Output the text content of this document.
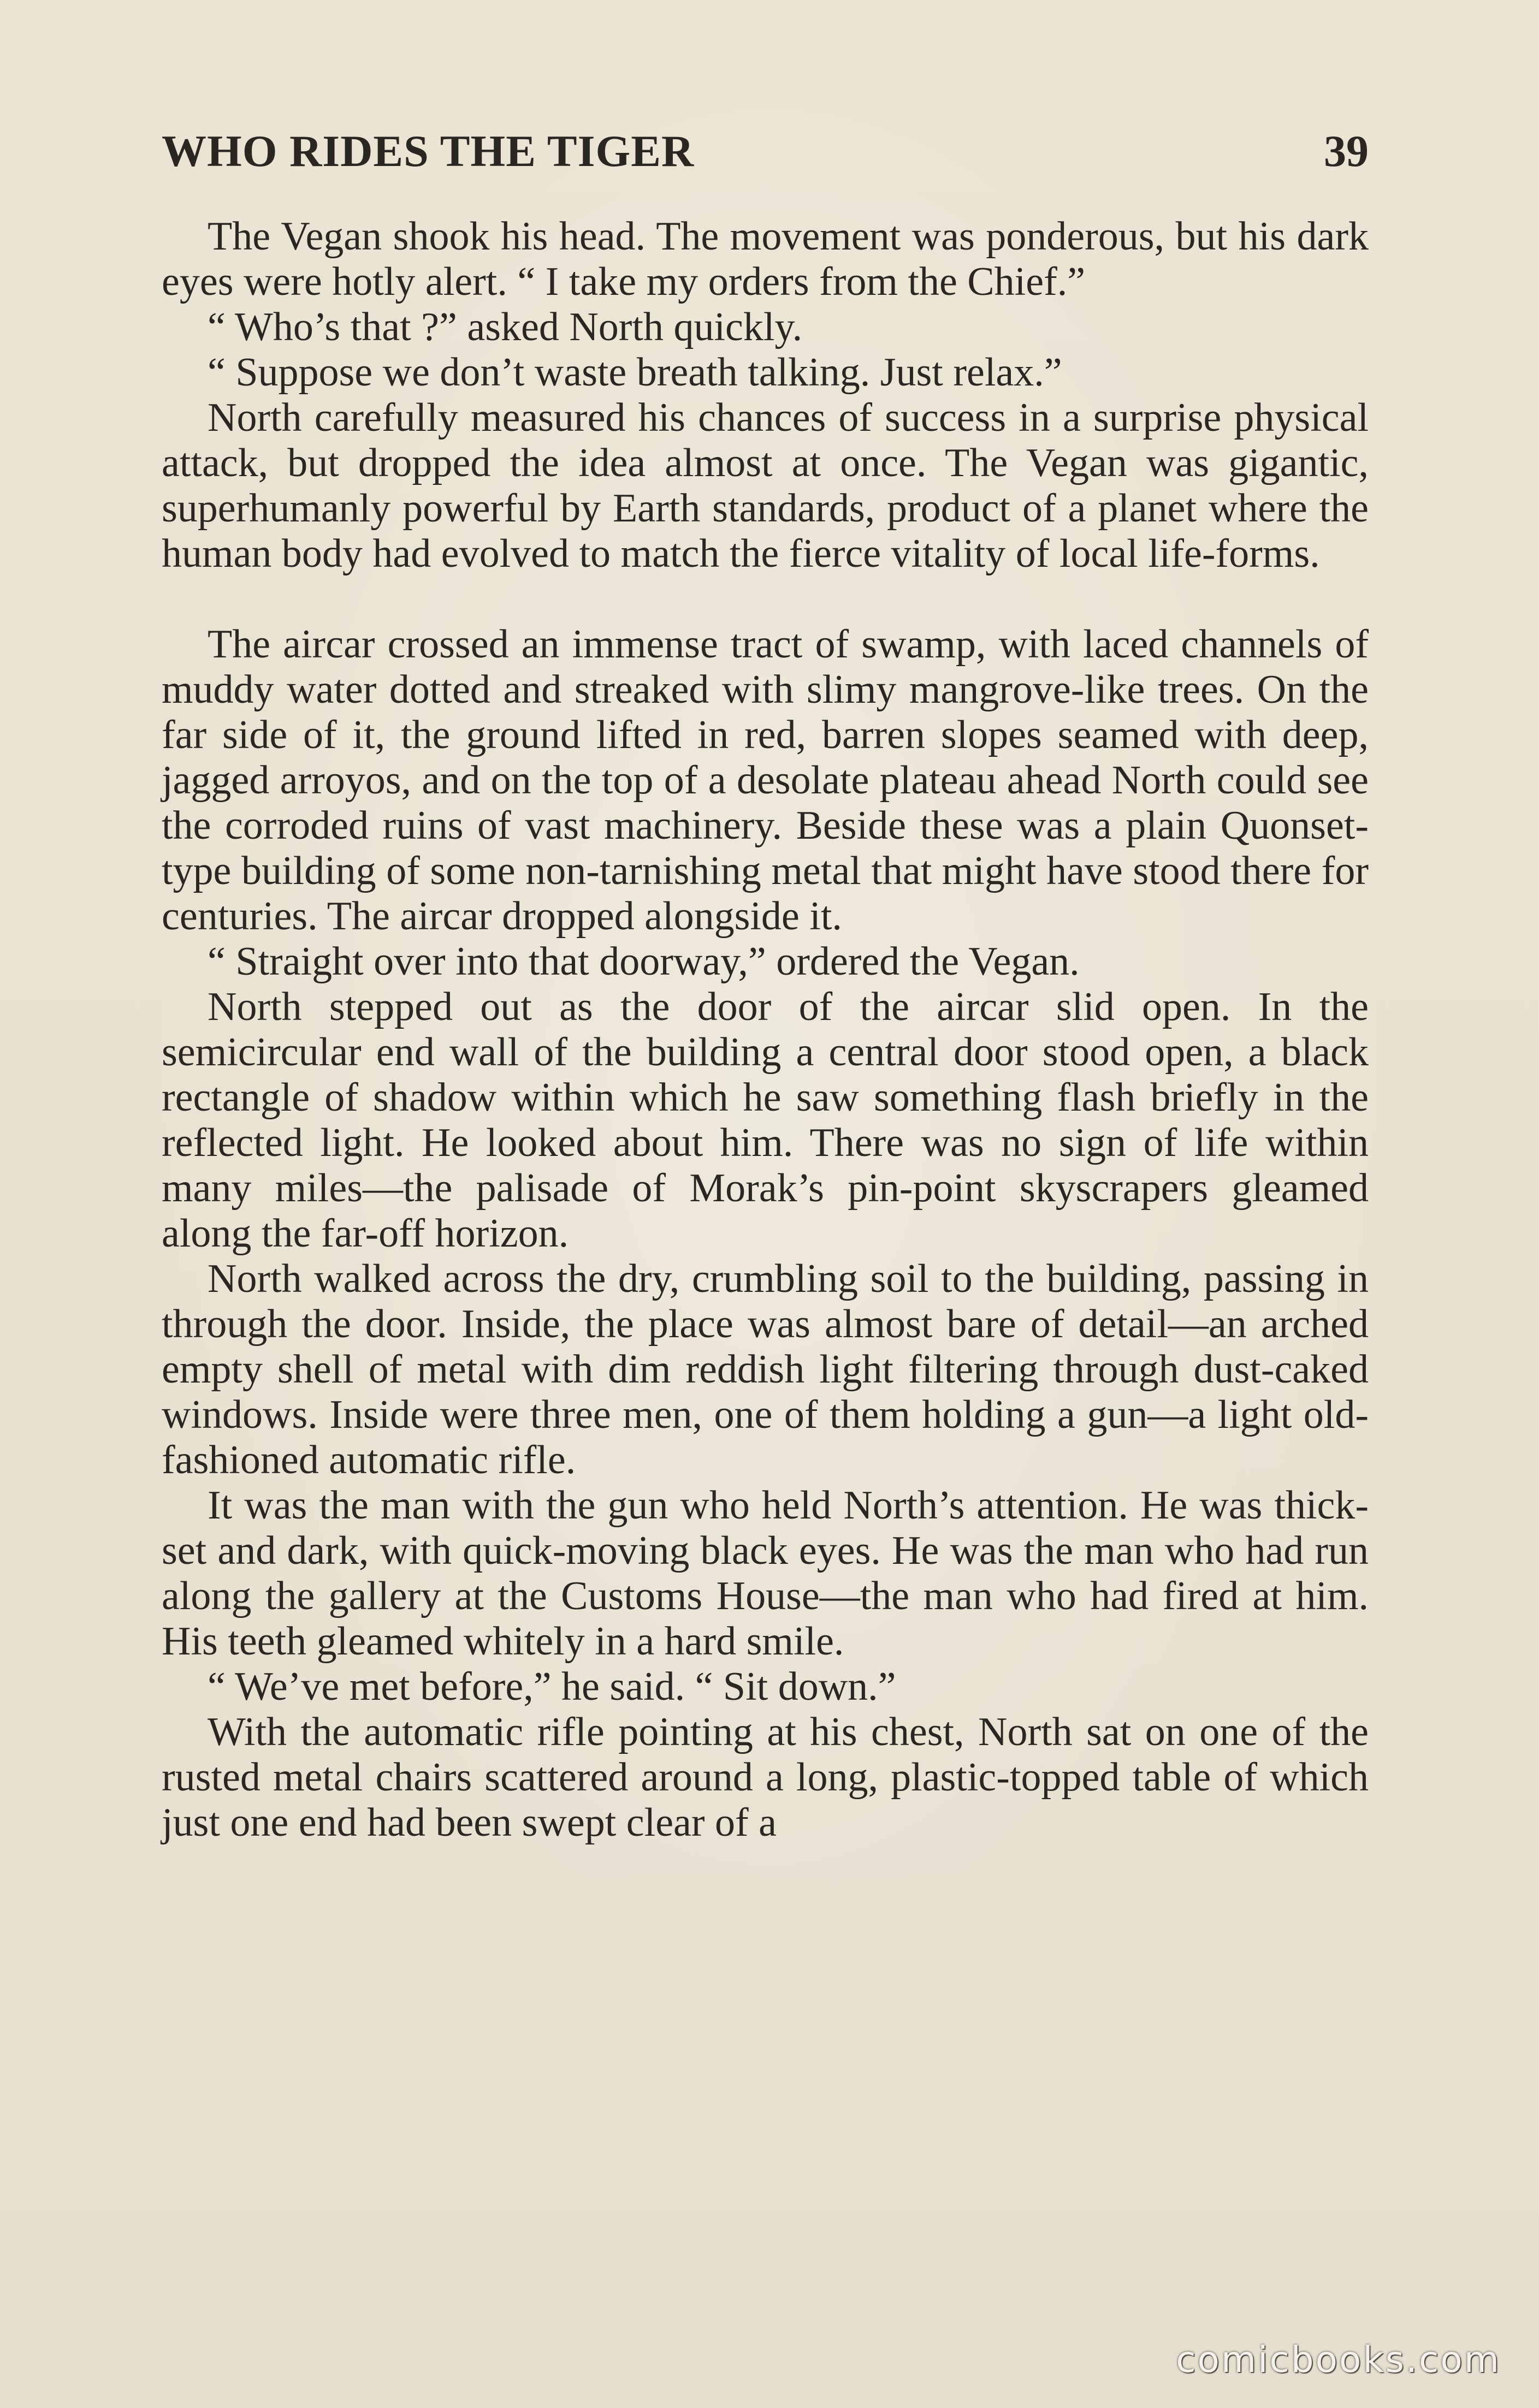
WHO RIDES THE TIGER	39

The Vegan shook his head. The movement was ponderous, but his dark eyes were hotly alert. “ I take my orders from the Chief.”

“ Who’s that ?” asked North quickly.

“ Suppose we don’t waste breath talking. Just relax.”

North carefully measured his chances of success in a surprise physical attack, but dropped the idea almost at once. The Vegan was gigantic, superhumanly powerful by Earth standards, product of a planet where the human body had evolved to match the fierce vitality of local life-forms.

The aircar crossed an immense tract of swamp, with laced channels of muddy water dotted and streaked with slimy mangrove-like trees. On the far side of it, the ground lifted in red, barren slopes seamed with deep, jagged arroyos, and on the top of a desolate plateau ahead North could see the corroded ruins of vast machinery. Beside these was a plain Quonset-type building of some non-tarnishing metal that might have stood there for centuries. The aircar dropped alongside it.

“ Straight over into that doorway,” ordered the Vegan.

North stepped out as the door of the aircar slid open. In the semicircular end wall of the building a central door stood open, a black rectangle of shadow within which he saw something flash briefly in the reflected light. He looked about him. There was no sign of life within many miles—the palisade of Morak’s pin-point skyscrapers gleamed along the far-off horizon.

North walked across the dry, crumbling soil to the building, passing in through the door. Inside, the place was almost bare of detail—an arched empty shell of metal with dim reddish light filtering through dust-caked windows. Inside were three men, one of them holding a gun—a light old-fashioned automatic rifle.

It was the man with the gun who held North’s attention. He was thick-set and dark, with quick-moving black eyes. He was the man who had run along the gallery at the Customs House—the man who had fired at him. His teeth gleamed whitely in a hard smile.

“ We’ve met before,” he said. “ Sit down.”

With the automatic rifle pointing at his chest, North sat on one of the rusted metal chairs scattered around a long, plastic-topped table of which just one end had been swept clear of a

comicbooks.com
